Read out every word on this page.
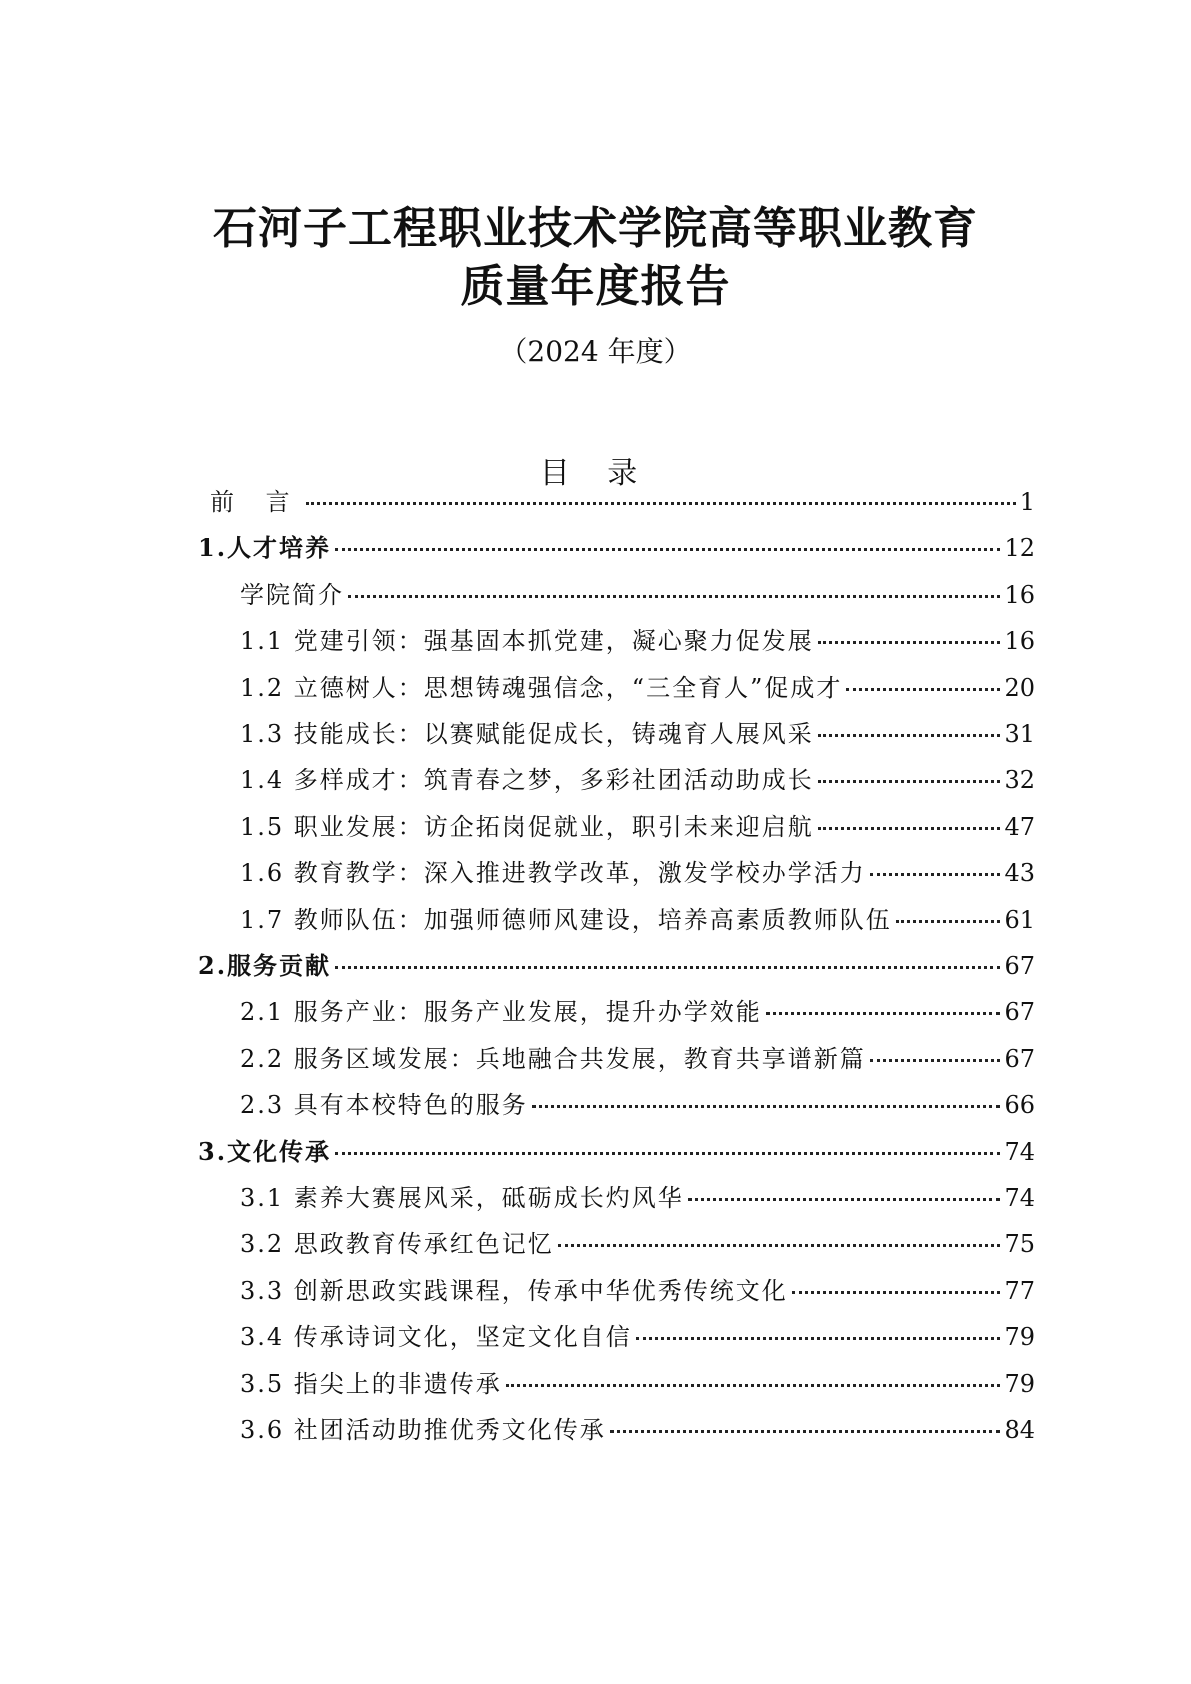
石河子工程职业技术学院高等职业教育
质量年度报告
（2024 年度）
目 录
前 言	1
1.人才培养	12
学院简介	16
1.1 党建引领：强基固本抓党建，凝心聚力促发展	16
1.2 立德树人：思想铸魂强信念，“三全育人”促成才	20
1.3 技能成长：以赛赋能促成长，铸魂育人展风采	31
1.4 多样成才：筑青春之梦，多彩社团活动助成长	32
1.5 职业发展：访企拓岗促就业，职引未来迎启航	47
1.6 教育教学：深入推进教学改革，激发学校办学活力	43
1.7 教师队伍：加强师德师风建设，培养高素质教师队伍	61
2.服务贡献	67
2.1 服务产业：服务产业发展，提升办学效能	67
2.2 服务区域发展：兵地融合共发展，教育共享谱新篇	67
2.3 具有本校特色的服务	66
3.文化传承	74
3.1 素养大赛展风采，砥砺成长灼风华	74
3.2 思政教育传承红色记忆	75
3.3 创新思政实践课程，传承中华优秀传统文化	77
3.4 传承诗词文化，坚定文化自信	79
3.5 指尖上的非遗传承	79
3.6 社团活动助推优秀文化传承	84
